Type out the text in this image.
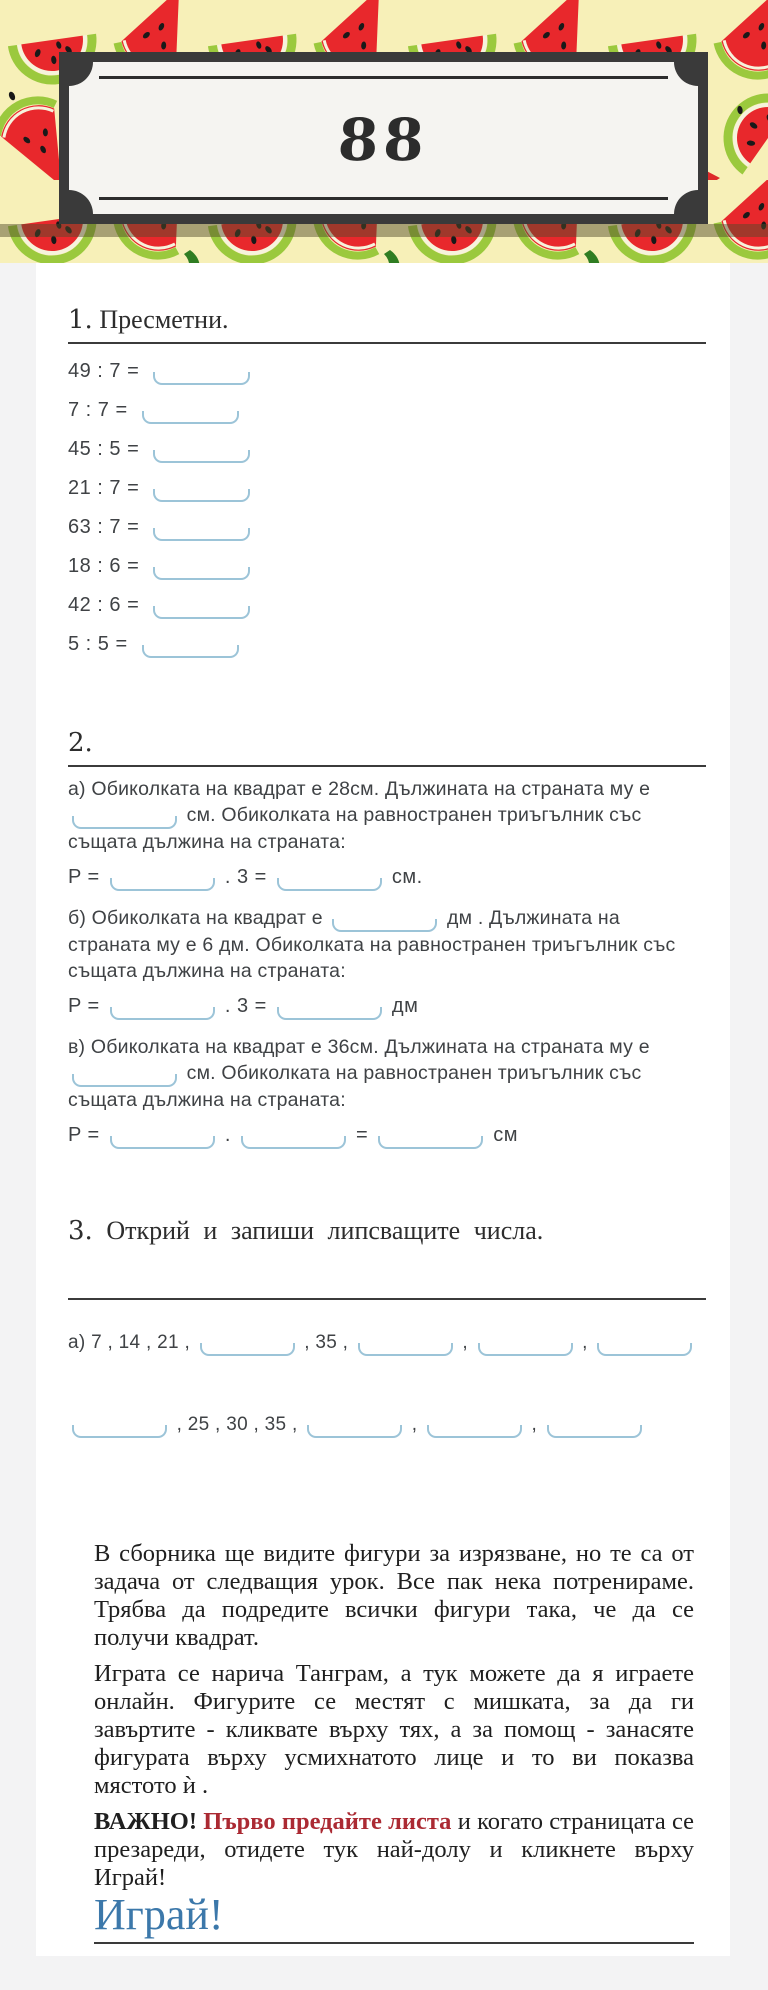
88
1. Пресметни.
49 : 7 =
7 : 7 =
45 : 5 =
21 : 7 =
63 : 7 =
18 : 6 =
42 : 6 =
5 : 5 =
2.
а) Обиколката на квадрат е 28см. Дължината на страната му е  см. Обиколката на равностранен триъгълник със същата дължина на страната:
P =	. 3 =	см.
б) Обиколката на квадрат е	дм . Дължината на страната му е 6 дм. Обиколката на равностранен триъгълник със същата дължина на страната:
P =	. 3 =	дм
в) Обиколката на квадрат е 36см. Дължината на страната му е  см. Обиколката на равностранен триъгълник със същата дължина на страната:
P =	.	=	см
3. Открий и запиши липсващите числа.
а) 7 , 14 , 21 ,	, 35 ,	,	,
, 25 , 30 , 35 ,	,	,

В сборника ще видите фигури за изрязване, но те са от задача от следващия урок. Все пак нека потренираме. Трябва да подредите всички фигури така, че да се получи квадрат.

Играта се нарича Танграм, а тук можете да я играете онлайн. Фигурите се местят с мишката, за да ги завъртите - кликвате върху тях, а за помощ - занасяте фигурата върху усмихнатото лице и то ви показва мястото ѝ .

ВАЖНО! Първо предайте листа и когато страницата се презареди, отидете тук най-долу и кликнете върху Играй!

Играй!
